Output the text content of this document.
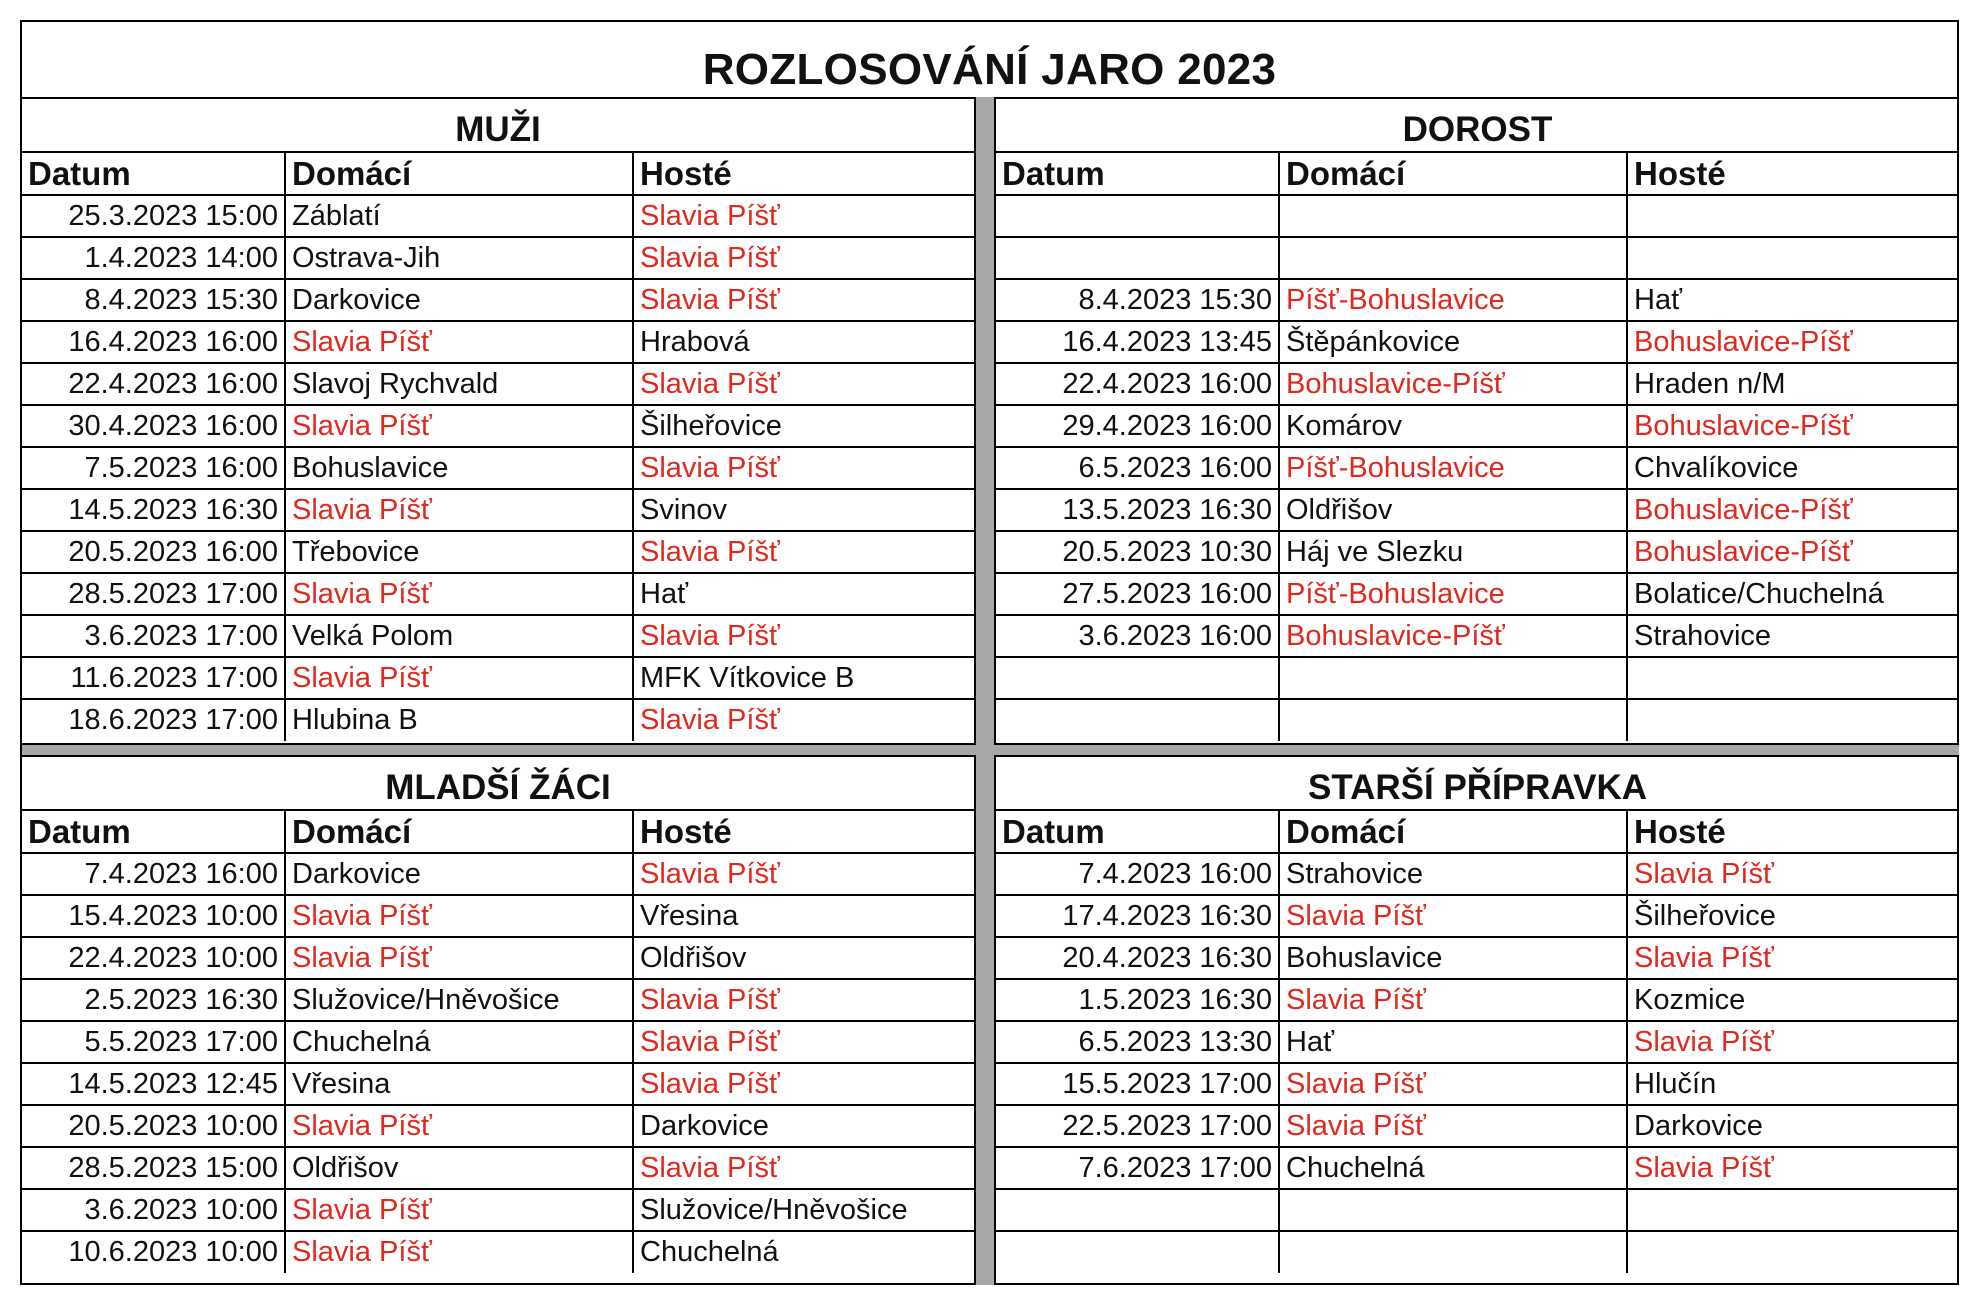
ROZLOSOVÁNÍ JARO 2023
MUŽI
Datum	Domácí	Hosté
25.3.2023 15:00	Záblatí	Slavia Píšť
1.4.2023 14:00	Ostrava-Jih	Slavia Píšť
8.4.2023 15:30	Darkovice	Slavia Píšť
16.4.2023 16:00	Slavia Píšť	Hrabová
22.4.2023 16:00	Slavoj Rychvald	Slavia Píšť
30.4.2023 16:00	Slavia Píšť	Šilheřovice
7.5.2023 16:00	Bohuslavice	Slavia Píšť
14.5.2023 16:30	Slavia Píšť	Svinov
20.5.2023 16:00	Třebovice	Slavia Píšť
28.5.2023 17:00	Slavia Píšť	Hať
3.6.2023 17:00	Velká Polom	Slavia Píšť
11.6.2023 17:00	Slavia Píšť	MFK Vítkovice B
18.6.2023 17:00	Hlubina B	Slavia Píšť
DOROST
Datum	Domácí	Hosté

8.4.2023 15:30	Píšť-Bohuslavice	Hať
16.4.2023 13:45	Štěpánkovice	Bohuslavice-Píšť
22.4.2023 16:00	Bohuslavice-Píšť	Hraden n/M
29.4.2023 16:00	Komárov	Bohuslavice-Píšť
6.5.2023 16:00	Píšť-Bohuslavice	Chvalíkovice
13.5.2023 16:30	Oldřišov	Bohuslavice-Píšť
20.5.2023 10:30	Háj ve Slezku	Bohuslavice-Píšť
27.5.2023 16:00	Píšť-Bohuslavice	Bolatice/Chuchelná
3.6.2023 16:00	Bohuslavice-Píšť	Strahovice

MLADŠÍ ŽÁCI
Datum	Domácí	Hosté
7.4.2023 16:00	Darkovice	Slavia Píšť
15.4.2023 10:00	Slavia Píšť	Vřesina
22.4.2023 10:00	Slavia Píšť	Oldřišov
2.5.2023 16:30	Služovice/Hněvošice	Slavia Píšť
5.5.2023 17:00	Chuchelná	Slavia Píšť
14.5.2023 12:45	Vřesina	Slavia Píšť
20.5.2023 10:00	Slavia Píšť	Darkovice
28.5.2023 15:00	Oldřišov	Slavia Píšť
3.6.2023 10:00	Slavia Píšť	Služovice/Hněvošice
10.6.2023 10:00	Slavia Píšť	Chuchelná
STARŠÍ PŘÍPRAVKA
Datum	Domácí	Hosté
7.4.2023 16:00	Strahovice	Slavia Píšť
17.4.2023 16:30	Slavia Píšť	Šilheřovice
20.4.2023 16:30	Bohuslavice	Slavia Píšť
1.5.2023 16:30	Slavia Píšť	Kozmice
6.5.2023 13:30	Hať	Slavia Píšť
15.5.2023 17:00	Slavia Píšť	Hlučín
22.5.2023 17:00	Slavia Píšť	Darkovice
7.6.2023 17:00	Chuchelná	Slavia Píšť
